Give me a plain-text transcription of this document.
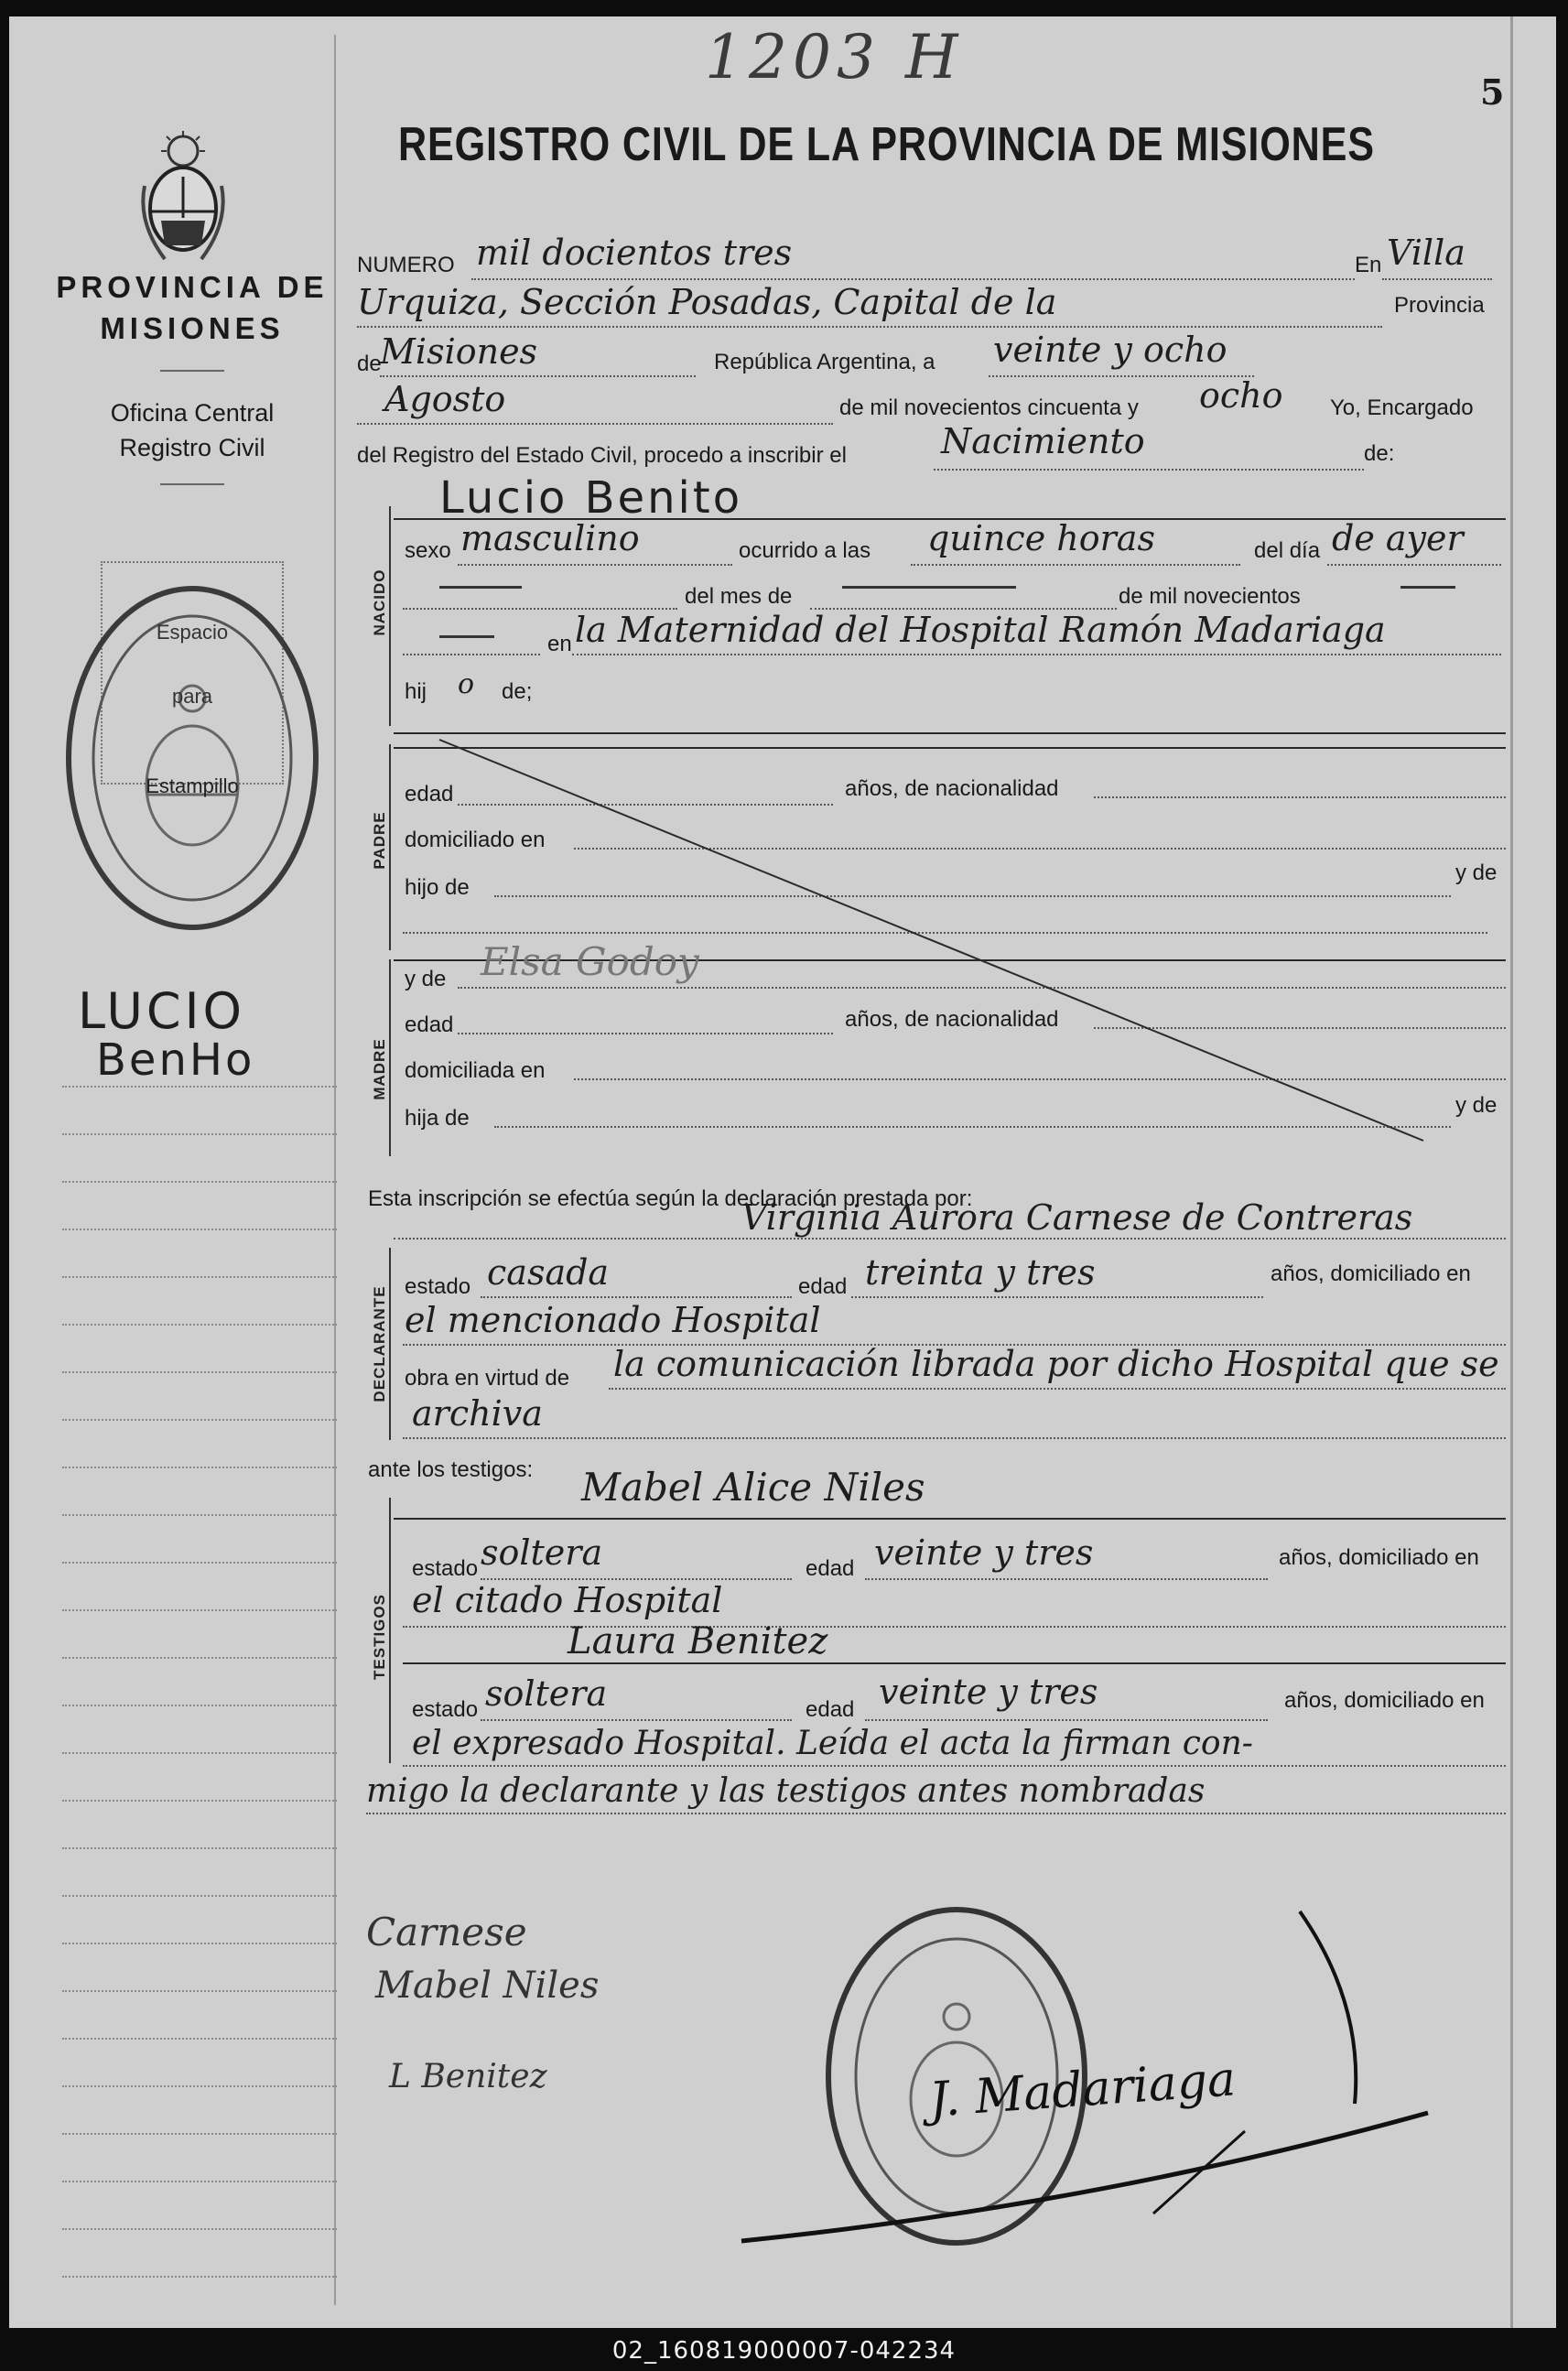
1203 H	5
REGISTRO CIVIL DE LA PROVINCIA DE MISIONES
PROVINCIA DE
MISIONES
Oficina Central
Registro Civil
Espacio
para
Estampillo
LUCIO
BenHo
NUMERO mil docientos tres	En Villa
Urquiza, Sección Posadas, Capital de la	Provincia
de
Misiones	República Argentina, a veinte y ocho
Agosto	de mil novecientos cincuenta y ocho Yo, Encargado
del Registro del Estado Civil, procedo a inscribir el	Nacimiento	de:
NACIDO
Lucio Benito
sexo masculino	ocurrido a las quince horas	del día de ayer
del mes de	de mil novecientos
en la Maternidad del Hospital Ramón Madariaga
hij o de;
PADRE
edad	años, de nacionalidad
domiciliado en
hijo de
y de
MADRE
y de Elsa Godoy
edad	años, de nacionalidad
domiciliada en
hija de
y de
Esta inscripción se efectúa según la declaración prestada por:
Virginia Aurora Carnese de Contreras
DECLARANTE estado casada	edad treinta y tres	años, domiciliado en
el mencionado Hospital
obra en virtud de la comunicación librada por dicho Hospital que se
archiva
ante los testigos:
TESTIGOS
Mabel Alice Niles
estado soltera	edad veinte y tres	años, domiciliado en
el citado Hospital
Laura Benitez
estado soltera	edad veinte y tres	años, domiciliado en
el expresado Hospital. Leída el acta la firman con-
migo la declarante y las testigos antes nombradas
Carnese
Mabel Niles
L Benitez	J. Madariaga
02_160819000007-042234
